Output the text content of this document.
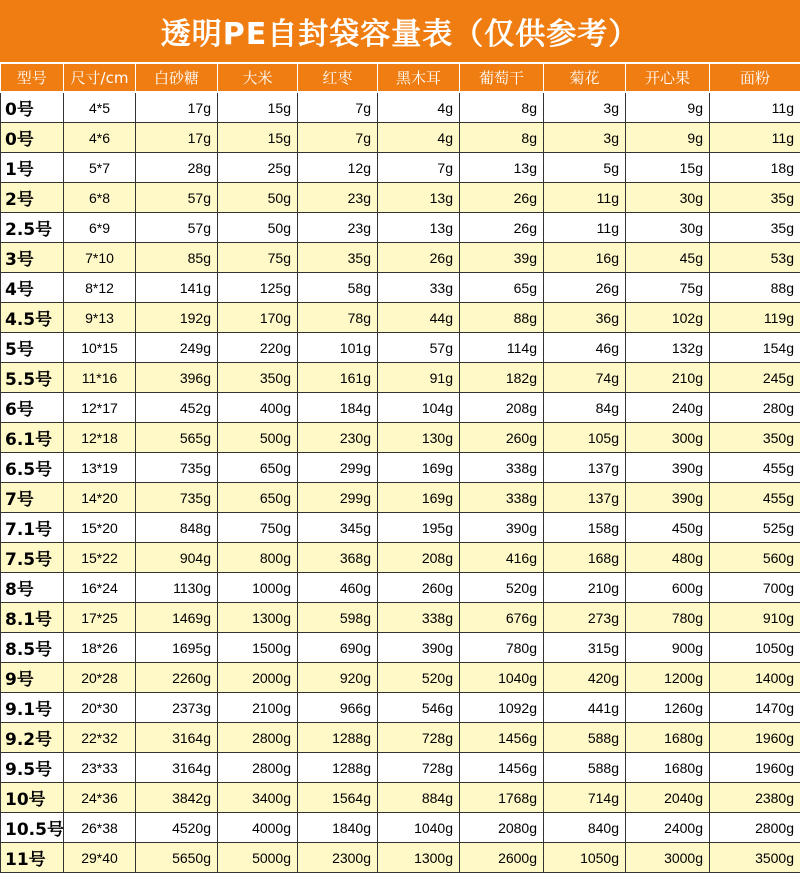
透明PE自封袋容量表（仅供参考）
型号	尺寸/cm	白砂糖	大米	红枣	黑木耳	葡萄干	菊花	开心果	面粉
0号	4*5	17g	15g	7g	4g	8g	3g	9g	11g
0号	4*6	17g	15g	7g	4g	8g	3g	9g	11g
1号	5*7	28g	25g	12g	7g	13g	5g	15g	18g
2号	6*8	57g	50g	23g	13g	26g	11g	30g	35g
2.5号	6*9	57g	50g	23g	13g	26g	11g	30g	35g
3号	7*10	85g	75g	35g	26g	39g	16g	45g	53g
4号	8*12	141g	125g	58g	33g	65g	26g	75g	88g
4.5号	9*13	192g	170g	78g	44g	88g	36g	102g	119g
5号	10*15	249g	220g	101g	57g	114g	46g	132g	154g
5.5号	11*16	396g	350g	161g	91g	182g	74g	210g	245g
6号	12*17	452g	400g	184g	104g	208g	84g	240g	280g
6.1号	12*18	565g	500g	230g	130g	260g	105g	300g	350g
6.5号	13*19	735g	650g	299g	169g	338g	137g	390g	455g
7号	14*20	735g	650g	299g	169g	338g	137g	390g	455g
7.1号	15*20	848g	750g	345g	195g	390g	158g	450g	525g
7.5号	15*22	904g	800g	368g	208g	416g	168g	480g	560g
8号	16*24	1130g	1000g	460g	260g	520g	210g	600g	700g
8.1号	17*25	1469g	1300g	598g	338g	676g	273g	780g	910g
8.5号	18*26	1695g	1500g	690g	390g	780g	315g	900g	1050g
9号	20*28	2260g	2000g	920g	520g	1040g	420g	1200g	1400g
9.1号	20*30	2373g	2100g	966g	546g	1092g	441g	1260g	1470g
9.2号	22*32	3164g	2800g	1288g	728g	1456g	588g	1680g	1960g
9.5号	23*33	3164g	2800g	1288g	728g	1456g	588g	1680g	1960g
10号	24*36	3842g	3400g	1564g	884g	1768g	714g	2040g	2380g
10.5号	26*38	4520g	4000g	1840g	1040g	2080g	840g	2400g	2800g
11号	29*40	5650g	5000g	2300g	1300g	2600g	1050g	3000g	3500g
